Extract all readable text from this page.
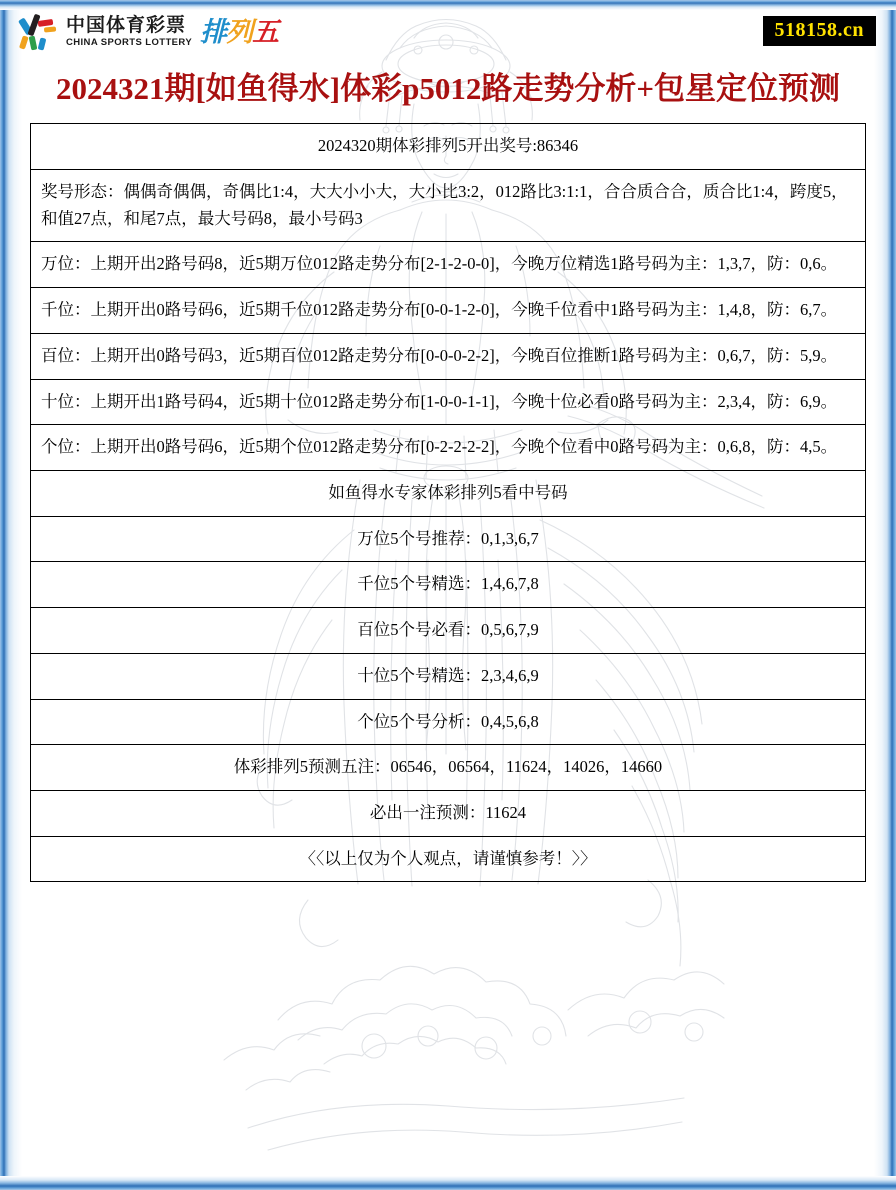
中国体育彩票
CHINA SPORTS LOTTERY 排列五	518158.cn
2024321期[如鱼得水]体彩p5012路走势分析+包星定位预测
2024320期体彩排列5开出奖号:86346
奖号形态：偶偶奇偶偶，奇偶比1:4，大大小小大，大小比3:2，012路比3:1:1，合合质合合，质合比1:4，跨度5，和值27点，和尾7点，最大号码8，最小号码3
万位：上期开出2路号码8，近5期万位012路走势分布[2-1-2-0-0]，今晚万位精选1路号码为主：1,3,7，防：0,6。
千位：上期开出0路号码6，近5期千位012路走势分布[0-0-1-2-0]，今晚千位看中1路号码为主：1,4,8，防：6,7。
百位：上期开出0路号码3，近5期百位012路走势分布[0-0-0-2-2]，今晚百位推断1路号码为主：0,6,7，防：5,9。
十位：上期开出1路号码4，近5期十位012路走势分布[1-0-0-1-1]，今晚十位必看0路号码为主：2,3,4，防：6,9。
个位：上期开出0路号码6，近5期个位012路走势分布[0-2-2-2-2]，今晚个位看中0路号码为主：0,6,8，防：4,5。
如鱼得水专家体彩排列5看中号码
万位5个号推荐：0,1,3,6,7
千位5个号精选：1,4,6,7,8
百位5个号必看：0,5,6,7,9
十位5个号精选：2,3,4,6,9
个位5个号分析：0,4,5,6,8
体彩排列5预测五注：06546，06564，11624，14026，14660
必出一注预测：11624
〈〈以上仅为个人观点，请谨慎参考！〉〉
